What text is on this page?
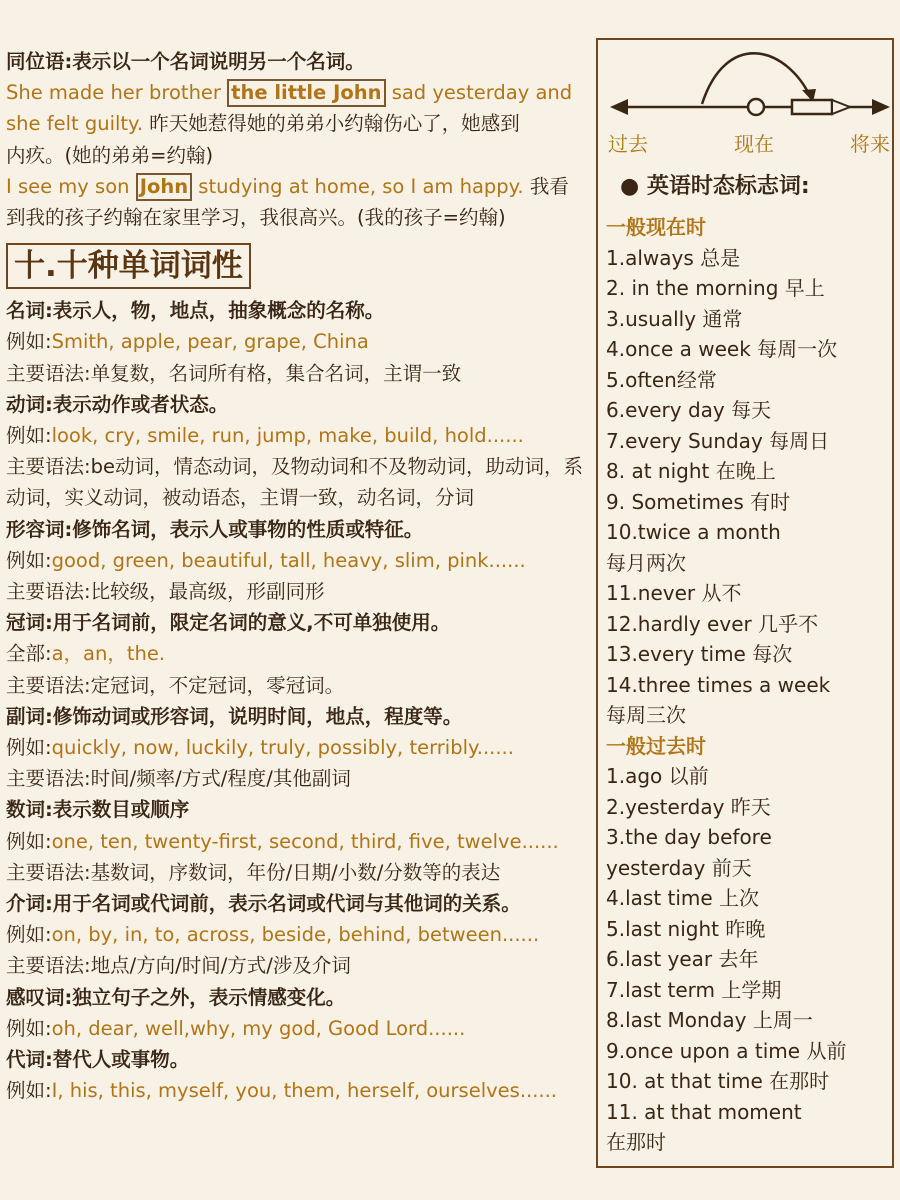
同位语:表示以一个名词说明另一个名词。
She made her brother the little John sad yesterday and
she felt guilty. 昨天她惹得她的弟弟小约翰伤心了，她感到
内疚。(她的弟弟=约翰)
I see my son John studying at home, so I am happy. 我看
到我的孩子约翰在家里学习，我很高兴。(我的孩子=约翰)
十.十种单词词性
名词:表示人，物，地点，抽象概念的名称。
例如:Smith, apple, pear, grape, China
主要语法:单复数，名词所有格，集合名词，主谓一致
动词:表示动作或者状态。
例如:look, cry, smile, run, jump, make, build, hold......
主要语法:be动词，情态动词，及物动词和不及物动词，助动词，系动词，实义动词，被动语态，主谓一致，动名词，分词
形容词:修饰名词，表示人或事物的性质或特征。
例如:good, green, beautiful, tall, heavy, slim, pink......
主要语法:比较级，最高级，形副同形
冠词:用于名词前，限定名词的意义,不可单独使用。
全部:a，an，the.
主要语法:定冠词，不定冠词，零冠词。
副词:修饰动词或形容词，说明时间，地点，程度等。
例如:quickly, now, luckily, truly, possibly, terribly......
主要语法:时间/频率/方式/程度/其他副词
数词:表示数目或顺序
例如:one, ten, twenty-first, second, third, five, twelve......
主要语法:基数词，序数词，年份/日期/小数/分数等的表达
介词:用于名词或代词前，表示名词或代词与其他词的关系。
例如:on, by, in, to, across, beside, behind, between......
主要语法:地点/方向/时间/方式/涉及介词
感叹词:独立句子之外，表示情感变化。
例如:oh, dear, well,why, my god, Good Lord......
代词:替代人或事物。
例如:I, his, this, myself, you, them, herself, ourselves......
过去	现在	将来
● 英语时态标志词:
一般现在时
1.always 总是
2. in the morning 早上
3.usually 通常
4.once a week 每周一次
5.often经常
6.every day 每天
7.every Sunday 每周日
8. at night 在晚上
9. Sometimes 有时
10.twice a month
每月两次
11.never 从不
12.hardly ever 几乎不
13.every time 每次
14.three times a week
每周三次
一般过去时
1.ago 以前
2.yesterday 昨天
3.the day before
yesterday 前天
4.last time 上次
5.last night 昨晚
6.last year 去年
7.last term 上学期
8.last Monday 上周一
9.once upon a time 从前
10. at that time 在那时
11. at that moment
在那时
